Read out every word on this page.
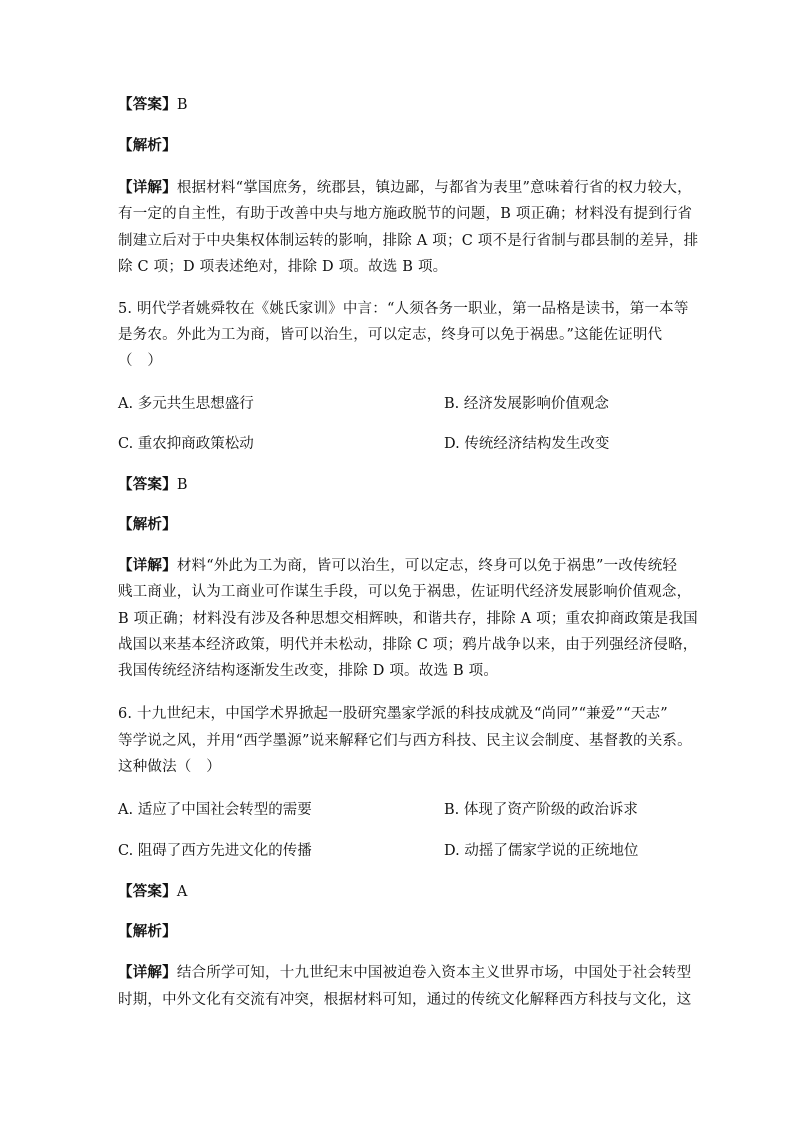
【答案】B
【解析】
【详解】根据材料“掌国庶务，统郡县，镇边鄙，与都省为表里”意味着行省的权力较大，
有一定的自主性，有助于改善中央与地方施政脱节的问题，B 项正确；材料没有提到行省
制建立后对于中央集权体制运转的影响，排除 A 项；C 项不是行省制与郡县制的差异，排
除 C 项；D 项表述绝对，排除 D 项。故选 B 项。
5. 明代学者姚舜牧在《姚氏家训》中言：“人须各务一职业，第一品格是读书，第一本等
是务农。外此为工为商，皆可以治生，可以定志，终身可以免于祸患。”这能佐证明代
（　）
A. 多元共生思想盛行	B. 经济发展影响价值观念
C. 重农抑商政策松动	D. 传统经济结构发生改变
【答案】B
【解析】
【详解】材料“外此为工为商，皆可以治生，可以定志，终身可以免于祸患”一改传统轻
贱工商业，认为工商业可作谋生手段，可以免于祸患，佐证明代经济发展影响价值观念，
B 项正确；材料没有涉及各种思想交相辉映，和谐共存，排除 A 项；重农抑商政策是我国
战国以来基本经济政策，明代并未松动，排除 C 项；鸦片战争以来，由于列强经济侵略，
我国传统经济结构逐渐发生改变，排除 D 项。故选 B 项。
6. 十九世纪末，中国学术界掀起一股研究墨家学派的科技成就及“尚同”“兼爱”“天志”
等学说之风，并用“西学墨源”说来解释它们与西方科技、民主议会制度、基督教的关系。
这种做法（　）
A. 适应了中国社会转型的需要	B. 体现了资产阶级的政治诉求
C. 阻碍了西方先进文化的传播	D. 动摇了儒家学说的正统地位
【答案】A
【解析】
【详解】结合所学可知，十九世纪末中国被迫卷入资本主义世界市场，中国处于社会转型
时期，中外文化有交流有冲突，根据材料可知，通过的传统文化解释西方科技与文化，这
